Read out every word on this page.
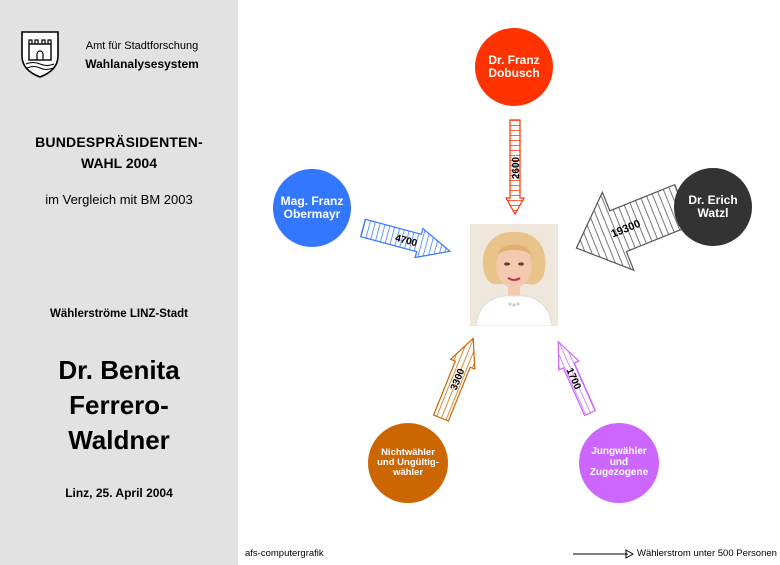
Amt für Stadtforschung
Wahlanalysesystem
BUNDESPRÄSIDENTEN-
WAHL 2004
im Vergleich mit BM 2003
Wählerströme LINZ-Stadt
Dr. Benita
Ferrero-
Waldner
Linz, 25. April 2004
2600
4700
19300
3300	1700
Dr. Franz
Dobusch
Mag. Franz
Obermayr
Dr. Erich
Watzl
Nichtwähler
und Ungültig-
wähler
Jungwähler
und
Zugezogene
afs-computergrafik	Wählerstrom unter 500 Personen
